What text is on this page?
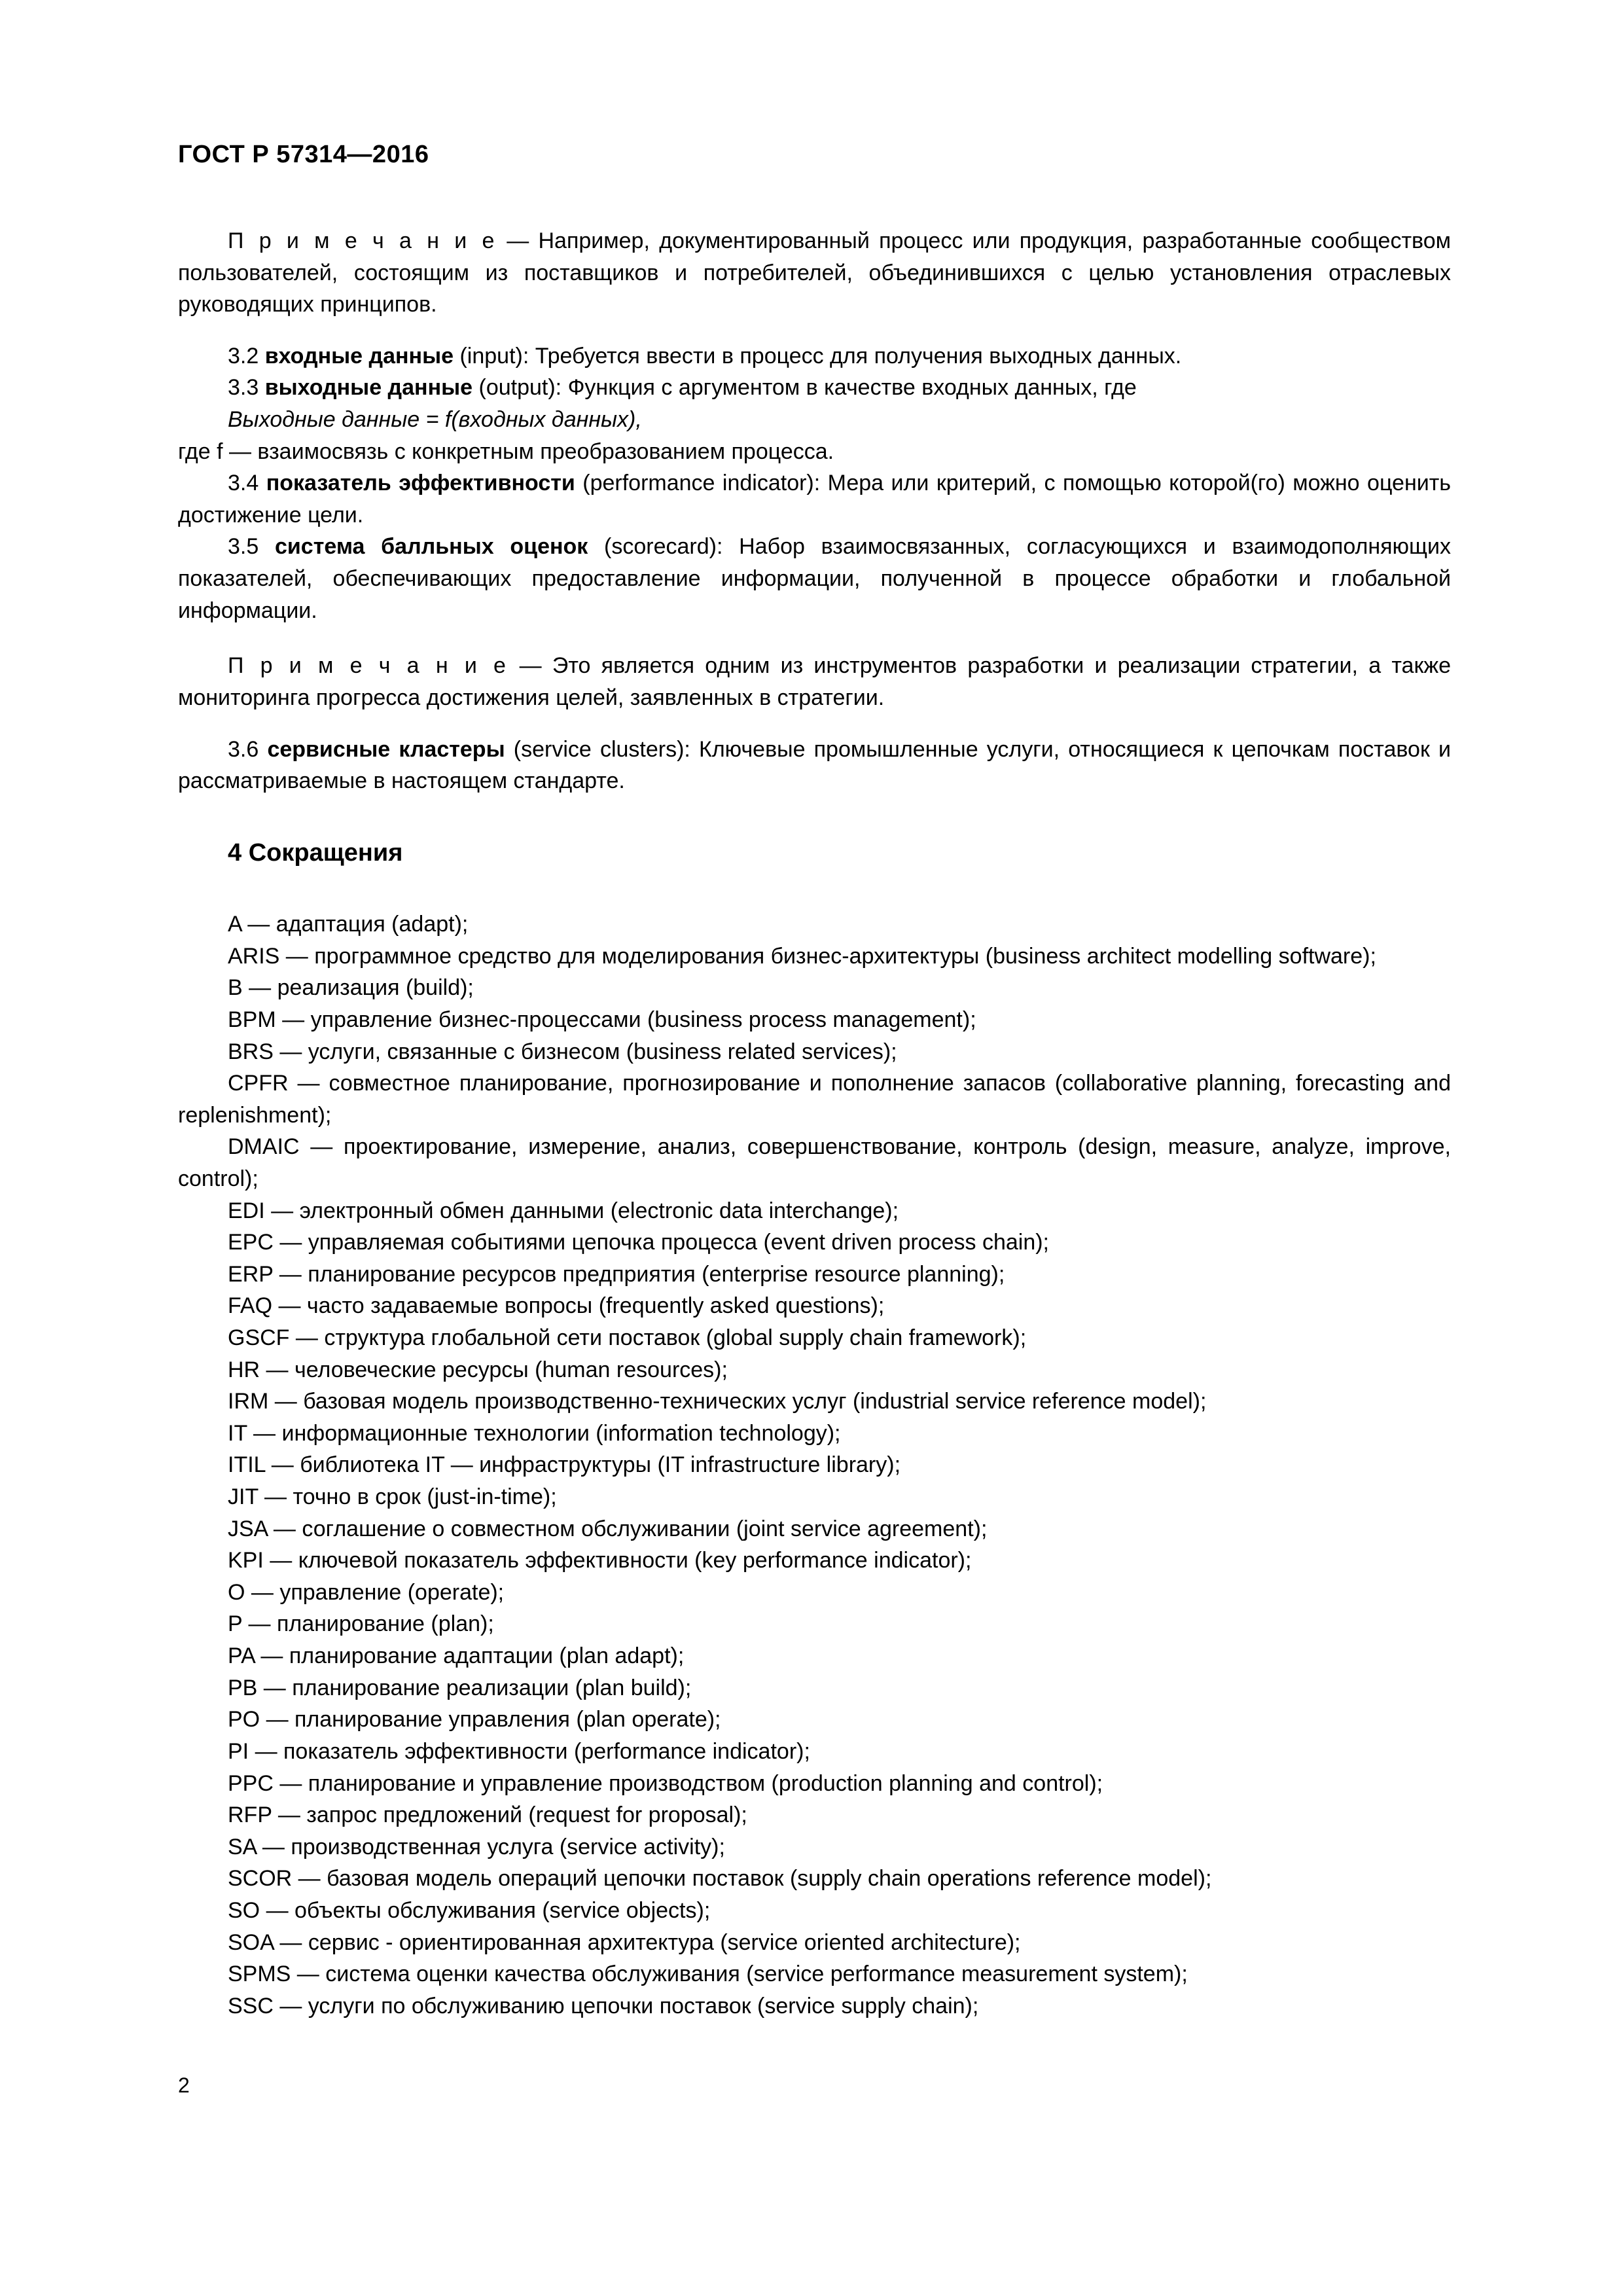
ГОСТ Р 57314—2016

П р и м е ч а н и е — Например, документированный процесс или продукция, разработанные сообществом пользователей, состоящим из поставщиков и потребителей, объединившихся с целью установления отраслевых руководящих принципов.

3.2 входные данные (input): Требуется ввести в процесс для получения выходных данных.

3.3 выходные данные (output): Функция с аргументом в качестве входных данных, где

Выходные данные = f(входных данных),

где f — взаимосвязь с конкретным преобразованием процесса.

3.4 показатель эффективности (performance indicator): Мера или критерий, с помощью которой(го) можно оценить достижение цели.

3.5 система балльных оценок (scorecard): Набор взаимосвязанных, согласующихся и взаимодополняющих показателей, обеспечивающих предоставление информации, полученной в процессе обработки и глобальной информации.

П р и м е ч а н и е — Это является одним из инструментов разработки и реализации стратегии, а также мониторинга прогресса достижения целей, заявленных в стратегии.

3.6 сервисные кластеры (service clusters): Ключевые промышленные услуги, относящиеся к цепочкам поставок и рассматриваемые в настоящем стандарте.

4 Сокращения

A — адаптация (adapt);
ARIS — программное средство для моделирования бизнес-архитектуры (business architect modelling software);
B — реализация (build);
BPM — управление бизнес-процессами (business process management);
BRS — услуги, связанные с бизнесом (business related services);
CPFR — совместное планирование, прогнозирование и пополнение запасов (collaborative planning, forecasting and replenishment);
DMAIC — проектирование, измерение, анализ, совершенствование, контроль (design, measure, analyze, improve, control);
EDI — электронный обмен данными (electronic data interchange);
EPC — управляемая событиями цепочка процесса (event driven process chain);
ERP — планирование ресурсов предприятия (enterprise resource planning);
FAQ — часто задаваемые вопросы (frequently asked questions);
GSCF — структура глобальной сети поставок (global supply chain framework);
HR — человеческие ресурсы (human resources);
IRM — базовая модель производственно-технических услуг (industrial service reference model);
IT — информационные технологии (information technology);
ITIL — библиотека IT — инфраструктуры (IT infrastructure library);
JIT — точно в срок (just-in-time);
JSA — соглашение о совместном обслуживании (joint service agreement);
KPI — ключевой показатель эффективности (key performance indicator);
O — управление (operate);
P — планирование (plan);
PA — планирование адаптации (plan adapt);
PB — планирование реализации (plan build);
PO — планирование управления (plan operate);
PI — показатель эффективности (performance indicator);
PPC — планирование и управление производством (production planning and control);
RFP — запрос предложений (request for proposal);
SA — производственная услуга (service activity);
SCOR — базовая модель операций цепочки поставок (supply chain operations reference model);
SO — объекты обслуживания (service objects);
SOA — сервис - ориентированная архитектура (service oriented architecture);
SPMS — система оценки качества обслуживания (service performance measurement system);
SSC — услуги по обслуживанию цепочки поставок (service supply chain);
2
